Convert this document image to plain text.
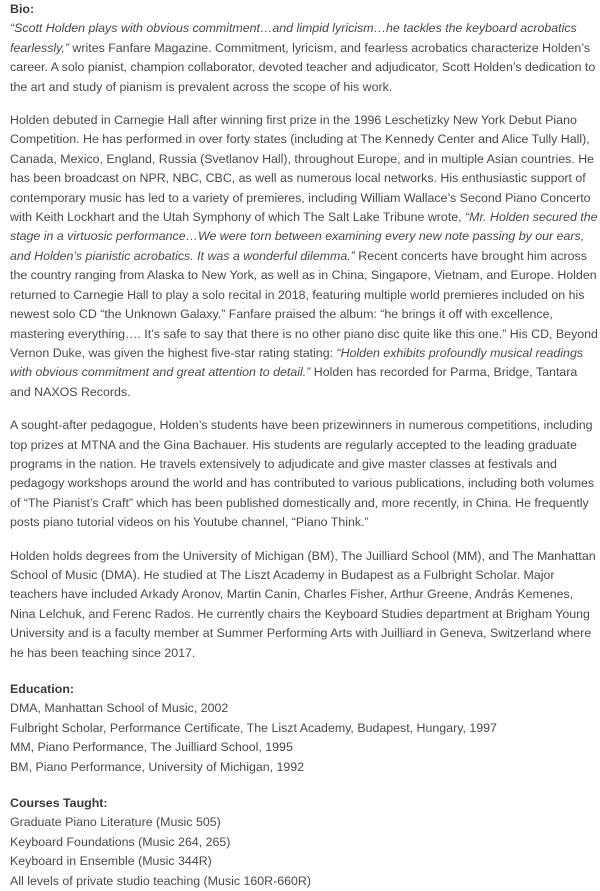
Bio:

“Scott Holden plays with obvious commitment…and limpid lyricism…he tackles the keyboard acrobatics fearlessly,” writes Fanfare Magazine. Commitment, lyricism, and fearless acrobatics characterize Holden’s career. A solo pianist, champion collaborator, devoted teacher and adjudicator, Scott Holden’s dedication to the art and study of pianism is prevalent across the scope of his work.

Holden debuted in Carnegie Hall after winning first prize in the 1996 Leschetizky New York Debut Piano Competition. He has performed in over forty states (including at The Kennedy Center and Alice Tully Hall), Canada, Mexico, England, Russia (Svetlanov Hall), throughout Europe, and in multiple Asian countries. He has been broadcast on NPR, NBC, CBC, as well as numerous local networks. His enthusiastic support of contemporary music has led to a variety of premieres, including William Wallace’s Second Piano Concerto with Keith Lockhart and the Utah Symphony of which The Salt Lake Tribune wrote, “Mr. Holden secured the stage in a virtuosic performance…We were torn between examining every new note passing by our ears, and Holden’s pianistic acrobatics. It was a wonderful dilemma.” Recent concerts have brought him across the country ranging from Alaska to New York, as well as in China, Singapore, Vietnam, and Europe. Holden returned to Carnegie Hall to play a solo recital in 2018, featuring multiple world premieres included on his newest solo CD “the Unknown Galaxy.” Fanfare praised the album: “he brings it off with excellence, mastering everything…. It’s safe to say that there is no other piano disc quite like this one.” His CD, Beyond Vernon Duke, was given the highest five-star rating stating: “Holden exhibits profoundly musical readings with obvious commitment and great attention to detail.” Holden has recorded for Parma, Bridge, Tantara and NAXOS Records.

A sought-after pedagogue, Holden’s students have been prizewinners in numerous competitions, including top prizes at MTNA and the Gina Bachauer. His students are regularly accepted to the leading graduate programs in the nation. He travels extensively to adjudicate and give master classes at festivals and pedagogy workshops around the world and has contributed to various publications, including both volumes of “The Pianist’s Craft” which has been published domestically and, more recently, in China. He frequently posts piano tutorial videos on his Youtube channel, “Piano Think.”

Holden holds degrees from the University of Michigan (BM), The Juilliard School (MM), and The Manhattan School of Music (DMA). He studied at The Liszt Academy in Budapest as a Fulbright Scholar. Major teachers have included Arkady Aronov, Martin Canin, Charles Fisher, Arthur Greene, András Kemenes, Nina Lelchuk, and Ferenc Rados. He currently chairs the Keyboard Studies department at Brigham Young University and is a faculty member at Summer Performing Arts with Juilliard in Geneva, Switzerland where he has been teaching since 2017.

Education:
DMA, Manhattan School of Music, 2002
Fulbright Scholar, Performance Certificate, The Liszt Academy, Budapest, Hungary, 1997
MM, Piano Performance, The Juilliard School, 1995
BM, Piano Performance, University of Michigan, 1992
Courses Taught:
Graduate Piano Literature (Music 505)
Keyboard Foundations (Music 264, 265)
Keyboard in Ensemble (Music 344R)
All levels of private studio teaching (Music 160R-660R)
